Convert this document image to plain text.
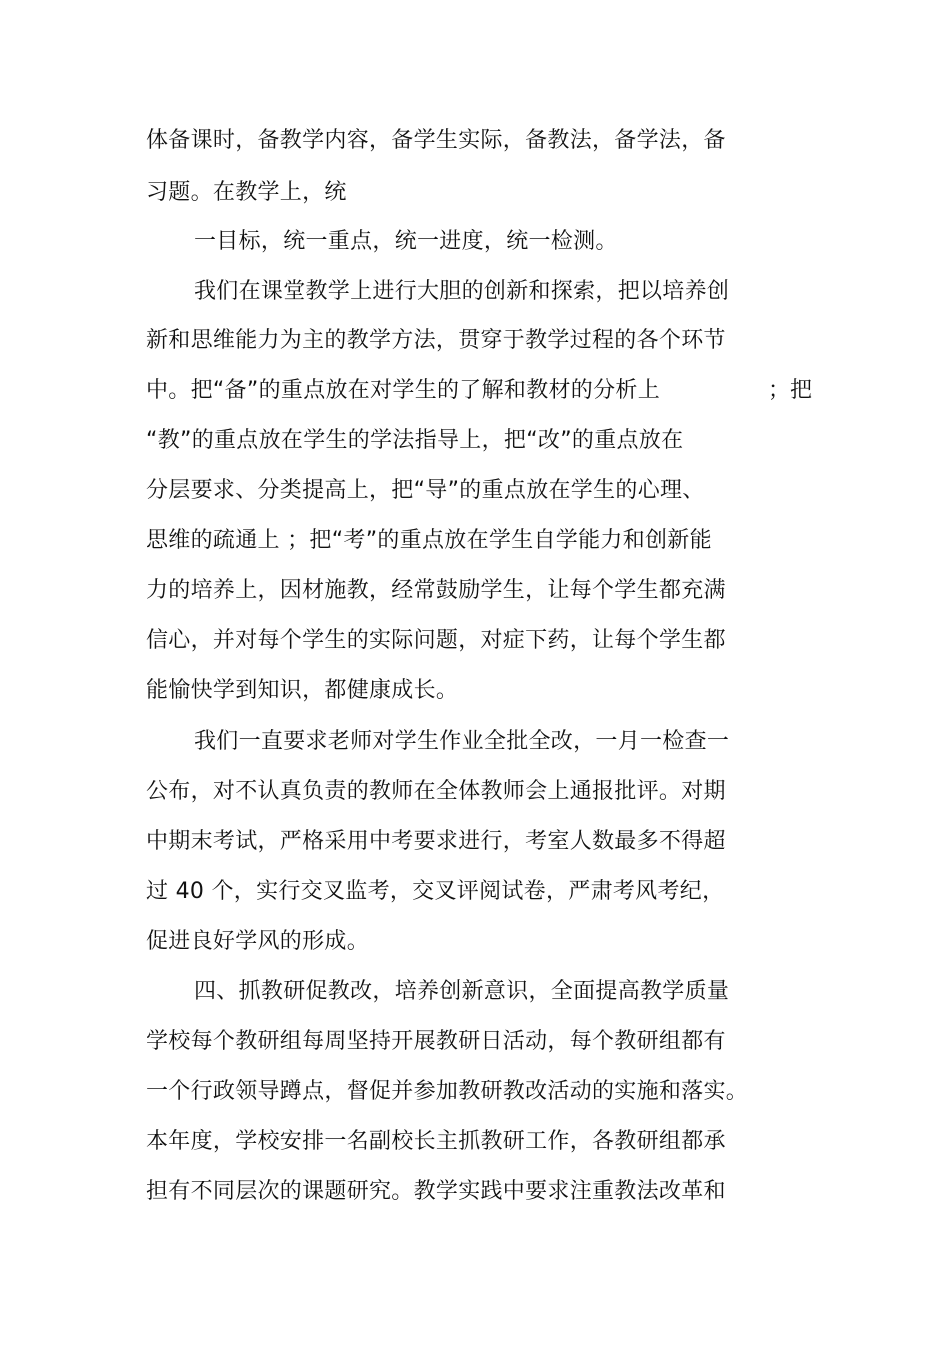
体备课时，备教学内容，备学生实际，备教法，备学法，备

习题。在教学上，统

一目标，统一重点，统一进度，统一检测。

我们在课堂教学上进行大胆的创新和探索，把以培养创

新和思维能力为主的教学方法，贯穿于教学过程的各个环节

中。把“备”的重点放在对学生的了解和教材的分析上	；把

“教”的重点放在学生的学法指导上，把“改”的重点放在

分层要求、分类提高上，把“导”的重点放在学生的心理、

思维的疏通上 ；把“考”的重点放在学生自学能力和创新能

力的培养上，因材施教，经常鼓励学生，让每个学生都充满

信心，并对每个学生的实际问题，对症下药，让每个学生都

能愉快学到知识，都健康成长。

我们一直要求老师对学生作业全批全改，一月一检查一

公布，对不认真负责的教师在全体教师会上通报批评。对期

中期末考试，严格采用中考要求进行，考室人数最多不得超

过 40 个，实行交叉监考，交叉评阅试卷，严肃考风考纪，

促进良好学风的形成。

四、抓教研促教改，培养创新意识，全面提高教学质量

学校每个教研组每周坚持开展教研日活动，每个教研组都有

一个行政领导蹲点，督促并参加教研教改活动的实施和落实。

本年度，学校安排一名副校长主抓教研工作，各教研组都承

担有不同层次的课题研究。教学实践中要求注重教法改革和
